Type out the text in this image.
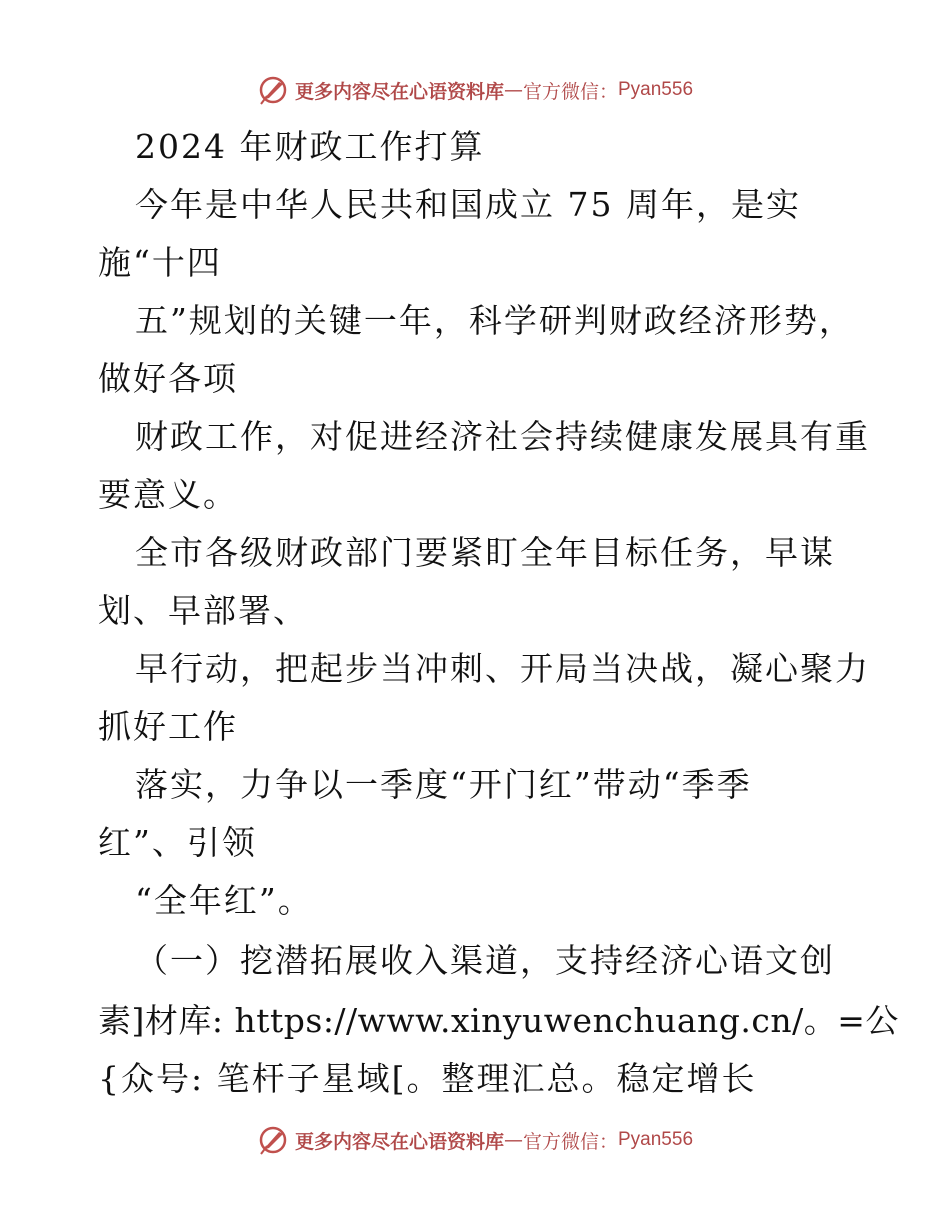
更多内容尽在心语资料库 — 官方微信： Pyan556
2024 年财政工作打算
今年是中华人民共和国成立 75 周年，是实
施“十四
五”规划的关键一年，科学研判财政经济形势，
做好各项
财政工作，对促进经济社会持续健康发展具有重
要意义。
全市各级财政部门要紧盯全年目标任务，早谋
划、早部署、
早行动，把起步当冲刺、开局当决战，凝心聚力
抓好工作
落实，力争以一季度“开门红”带动“季季
红”、引领
“全年红”。
（一）挖潜拓展收入渠道，支持经济心语文创
素]材库: https://www.xinyuwenchuang.cn/。=公
{众号: 笔杆子星域[。整理汇总。稳定增长
更多内容尽在心语资料库 — 官方微信： Pyan556
